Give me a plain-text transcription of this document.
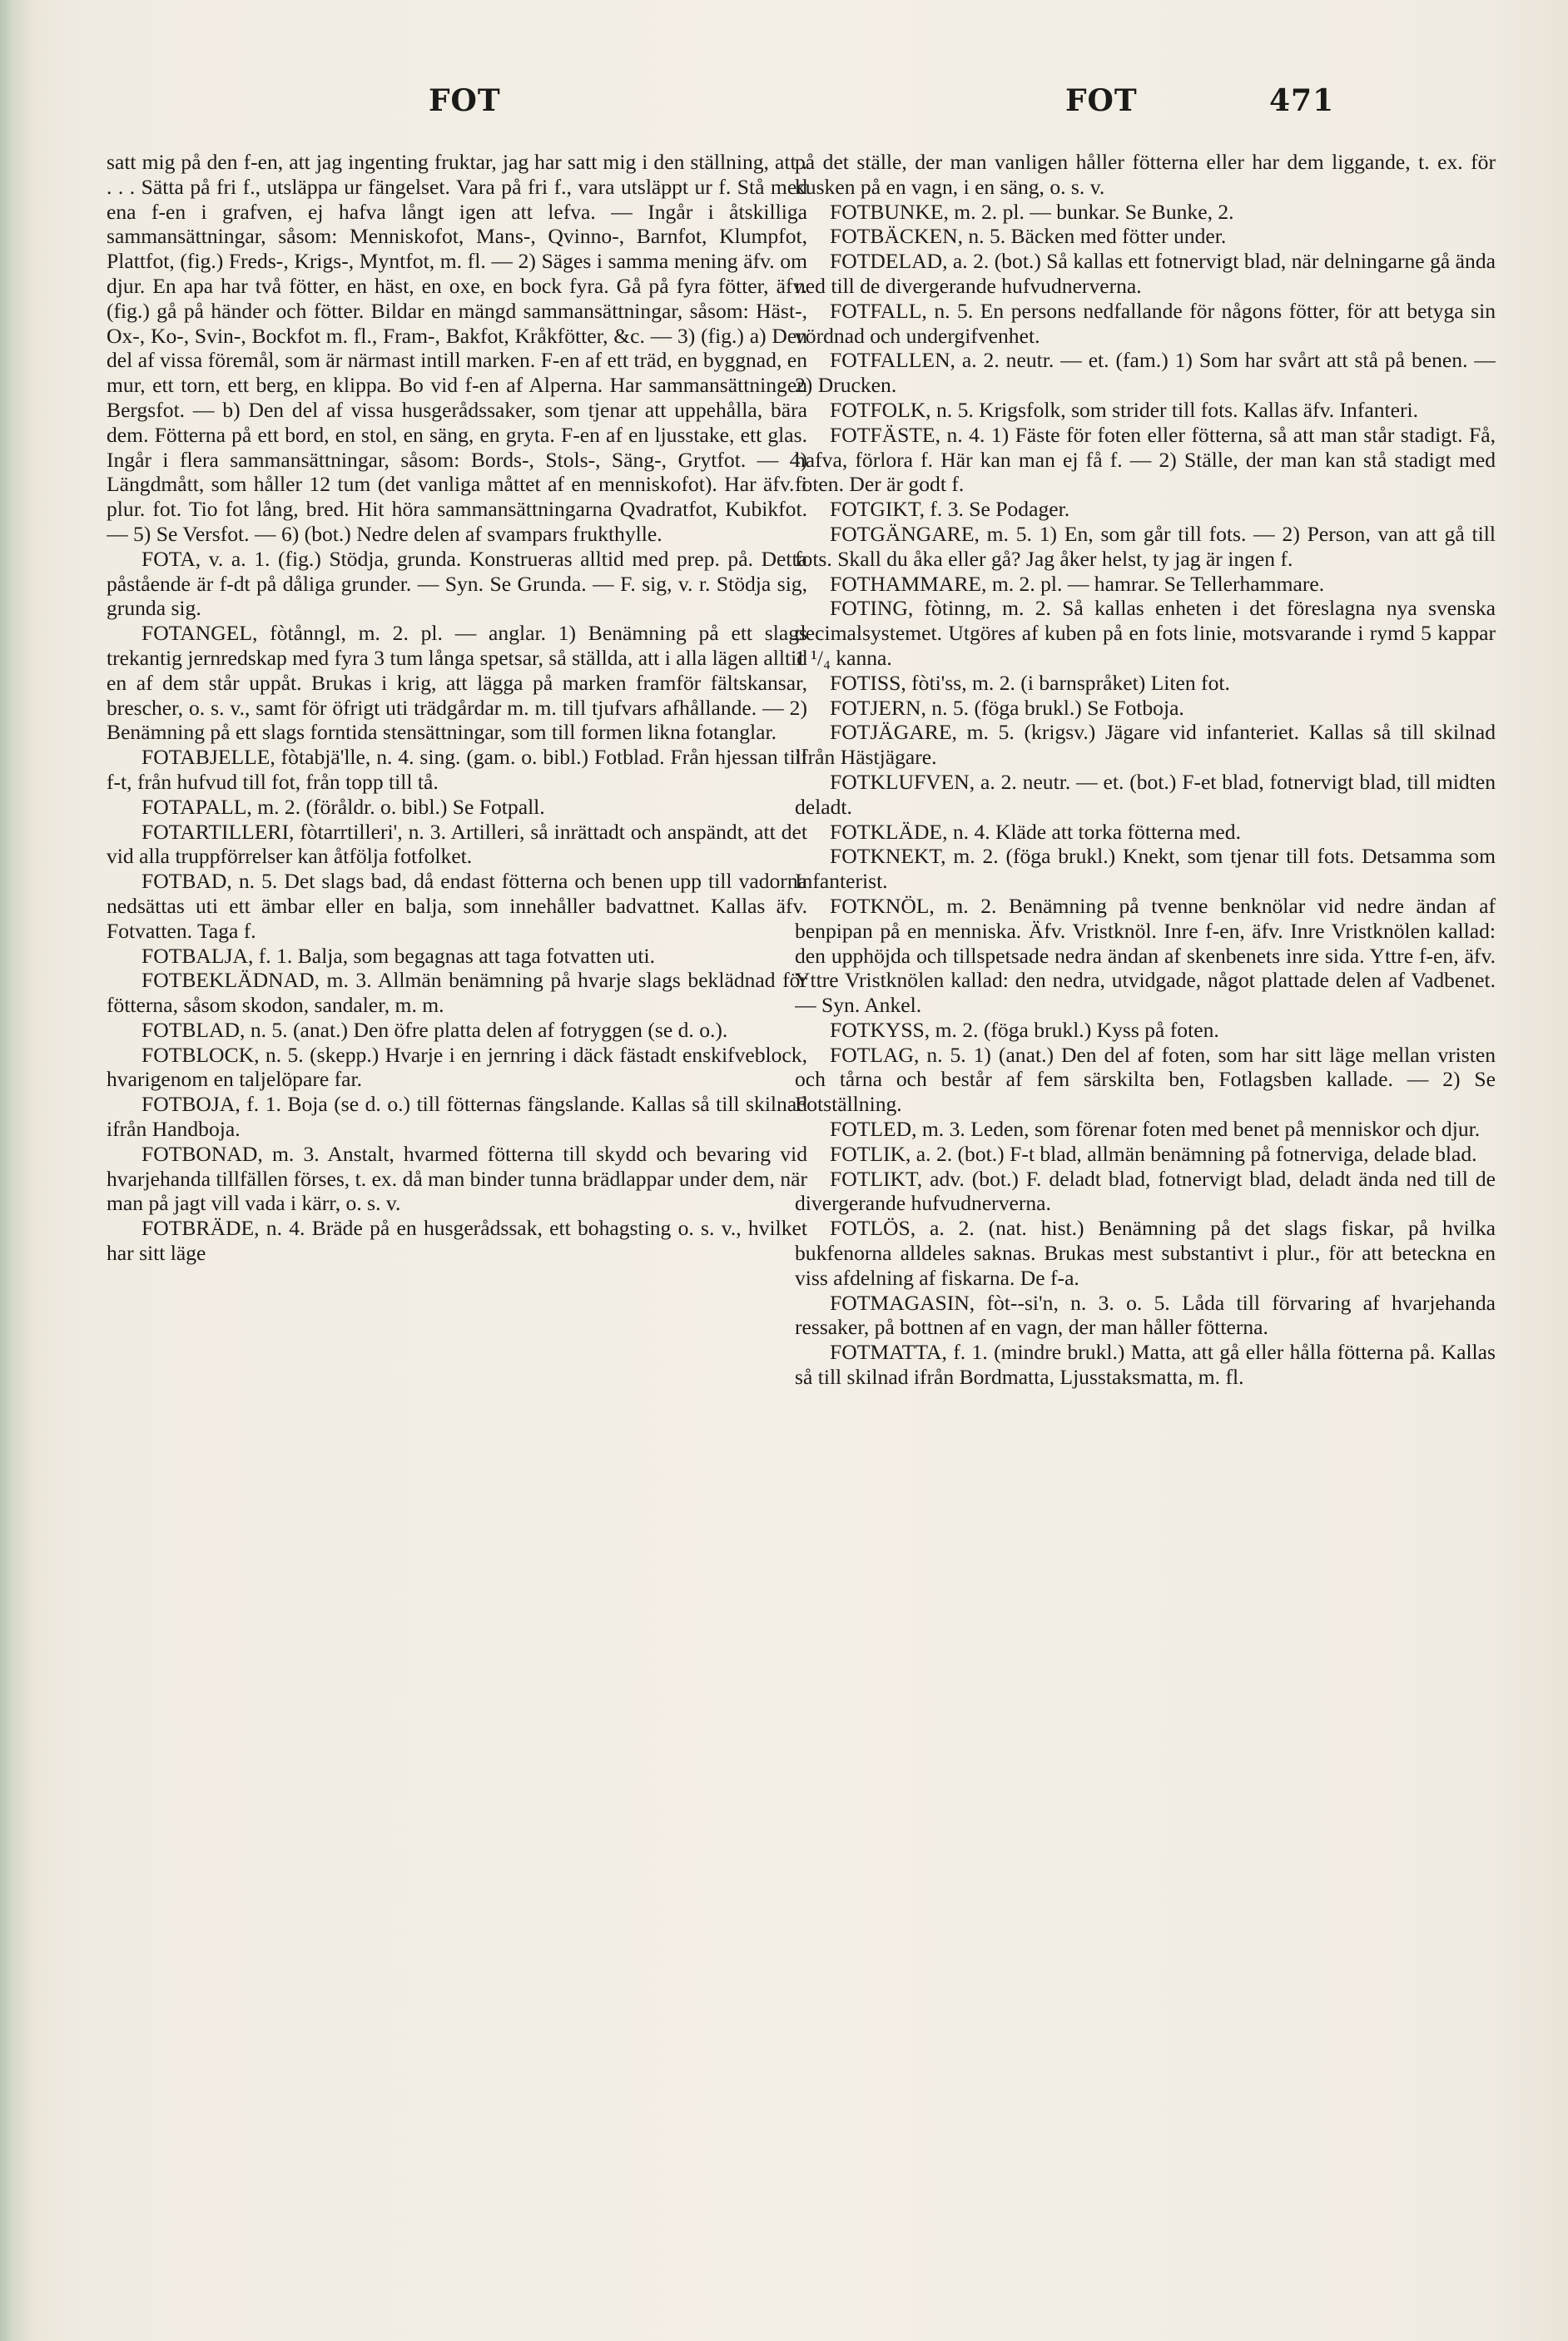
FOT	FOT	471

satt mig på den f-en, att jag ingenting fruktar, jag har satt mig i den ställning, att . . . . Sätta på fri f., utsläppa ur fängelset. Vara på fri f., vara utsläppt ur f. Stå med ena f-en i grafven, ej hafva långt igen att lefva. — Ingår i åtskilliga sammansättningar, såsom: Menniskofot, Mans-, Qvinno-, Barnfot, Klumpfot, Plattfot, (fig.) Freds-, Krigs-, Myntfot, m. fl. — 2) Säges i samma mening äfv. om djur. En apa har två fötter, en häst, en oxe, en bock fyra. Gå på fyra fötter, äfv. (fig.) gå på händer och fötter. Bildar en mängd sammansättningar, såsom: Häst-, Ox-, Ko-, Svin-, Bockfot m. fl., Fram-, Bakfot, Kråkfötter, &c. — 3) (fig.) a) Den del af vissa föremål, som är närmast intill marken. F-en af ett träd, en byggnad, en mur, ett torn, ett berg, en klippa. Bo vid f-en af Alperna. Har sammansättningen Bergsfot. — b) Den del af vissa husgerådssaker, som tjenar att uppehålla, bära dem. Fötterna på ett bord, en stol, en säng, en gryta. F-en af en ljusstake, ett glas. Ingår i flera sammansättningar, såsom: Bords-, Stols-, Säng-, Grytfot. — 4) Längdmått, som håller 12 tum (det vanliga måttet af en menniskofot). Har äfv. i plur. fot. Tio fot lång, bred. Hit höra sammansättningarna Qvadratfot, Kubikfot. — 5) Se Versfot. — 6) (bot.) Nedre delen af svampars frukthylle.

FOTA, v. a. 1. (fig.) Stödja, grunda. Konstrueras alltid med prep. på. Detta påstående är f-dt på dåliga grunder. — Syn. Se Grunda. — F. sig, v. r. Stödja sig, grunda sig.

FOTANGEL, fòtånngl, m. 2. pl. — anglar. 1) Benämning på ett slags trekantig jernredskap med fyra 3 tum långa spetsar, så ställda, att i alla lägen alltid en af dem står uppåt. Brukas i krig, att lägga på marken framför fältskansar, brescher, o. s. v., samt för öfrigt uti trädgårdar m. m. till tjufvars afhållande. — 2) Benämning på ett slags forntida stensättningar, som till formen likna fotanglar.

FOTABJELLE, fòtabjä'lle, n. 4. sing. (gam. o. bibl.) Fotblad. Från hjessan till f-t, från hufvud till fot, från topp till tå.

FOTAPALL, m. 2. (föråldr. o. bibl.) Se Fotpall.

FOTARTILLERI, fòtarrtilleri', n. 3. Artilleri, så inrättadt och anspändt, att det vid alla truppförrelser kan åtfölja fotfolket.

FOTBAD, n. 5. Det slags bad, då endast fötterna och benen upp till vadorna nedsättas uti ett ämbar eller en balja, som innehåller badvattnet. Kallas äfv. Fotvatten. Taga f.

FOTBALJA, f. 1. Balja, som begagnas att taga fotvatten uti.

FOTBEKLÄDNAD, m. 3. Allmän benämning på hvarje slags beklädnad för fötterna, såsom skodon, sandaler, m. m.

FOTBLAD, n. 5. (anat.) Den öfre platta delen af fotryggen (se d. o.).

FOTBLOCK, n. 5. (skepp.) Hvarje i en jernring i däck fästadt enskifveblock, hvarigenom en taljelöpare far.

FOTBOJA, f. 1. Boja (se d. o.) till fötternas fängslande. Kallas så till skilnad ifrån Handboja.

FOTBONAD, m. 3. Anstalt, hvarmed fötterna till skydd och bevaring vid hvarjehanda tillfällen förses, t. ex. då man binder tunna brädlappar under dem, när man på jagt vill vada i kärr, o. s. v.

FOTBRÄDE, n. 4. Bräde på en husgerådssak, ett bohagsting o. s. v., hvilket har sitt läge

på det ställe, der man vanligen håller fötterna eller har dem liggande, t. ex. för kusken på en vagn, i en säng, o. s. v.

FOTBUNKE, m. 2. pl. — bunkar. Se Bunke, 2.

FOTBÄCKEN, n. 5. Bäcken med fötter under.

FOTDELAD, a. 2. (bot.) Så kallas ett fotnervigt blad, när delningarne gå ända ned till de divergerande hufvudnerverna.

FOTFALL, n. 5. En persons nedfallande för någons fötter, för att betyga sin vördnad och undergifvenhet.

FOTFALLEN, a. 2. neutr. — et. (fam.) 1) Som har svårt att stå på benen. — 2) Drucken.

FOTFOLK, n. 5. Krigsfolk, som strider till fots. Kallas äfv. Infanteri.

FOTFÄSTE, n. 4. 1) Fäste för foten eller fötterna, så att man står stadigt. Få, hafva, förlora f. Här kan man ej få f. — 2) Ställe, der man kan stå stadigt med foten. Der är godt f.

FOTGIKT, f. 3. Se Podager.

FOTGÄNGARE, m. 5. 1) En, som går till fots. — 2) Person, van att gå till fots. Skall du åka eller gå? Jag åker helst, ty jag är ingen f.

FOTHAMMARE, m. 2. pl. — hamrar. Se Tellerhammare.

FOTING, fòtinng, m. 2. Så kallas enheten i det föreslagna nya svenska decimalsystemet. Utgöres af kuben på en fots linie, motsvarande i rymd 5 kappar 1 ¹/₄ kanna.

FOTISS, fòti'ss, m. 2. (i barnspråket) Liten fot.

FOTJERN, n. 5. (föga brukl.) Se Fotboja.

FOTJÄGARE, m. 5. (krigsv.) Jägare vid infanteriet. Kallas så till skilnad ifrån Hästjägare.

FOTKLUFVEN, a. 2. neutr. — et. (bot.) F-et blad, fotnervigt blad, till midten deladt.

FOTKLÄDE, n. 4. Kläde att torka fötterna med.

FOTKNEKT, m. 2. (föga brukl.) Knekt, som tjenar till fots. Detsamma som Infanterist.

FOTKNÖL, m. 2. Benämning på tvenne benknölar vid nedre ändan af benpipan på en menniska. Äfv. Vristknöl. Inre f-en, äfv. Inre Vristknölen kallad: den upphöjda och tillspetsade nedra ändan af skenbenets inre sida. Yttre f-en, äfv. Yttre Vristknölen kallad: den nedra, utvidgade, något plattade delen af Vadbenet. — Syn. Ankel.

FOTKYSS, m. 2. (föga brukl.) Kyss på foten.

FOTLAG, n. 5. 1) (anat.) Den del af foten, som har sitt läge mellan vristen och tårna och består af fem särskilta ben, Fotlagsben kallade. — 2) Se Fotställning.

FOTLED, m. 3. Leden, som förenar foten med benet på menniskor och djur.

FOTLIK, a. 2. (bot.) F-t blad, allmän benämning på fotnerviga, delade blad.

FOTLIKT, adv. (bot.) F. deladt blad, fotnervigt blad, deladt ända ned till de divergerande hufvudnerverna.

FOTLÖS, a. 2. (nat. hist.) Benämning på det slags fiskar, på hvilka bukfenorna alldeles saknas. Brukas mest substantivt i plur., för att beteckna en viss afdelning af fiskarna. De f-a.

FOTMAGASIN, fòt--si'n, n. 3. o. 5. Låda till förvaring af hvarjehanda ressaker, på bottnen af en vagn, der man håller fötterna.

FOTMATTA, f. 1. (mindre brukl.) Matta, att gå eller hålla fötterna på. Kallas så till skilnad ifrån Bordmatta, Ljusstaksmatta, m. fl.
